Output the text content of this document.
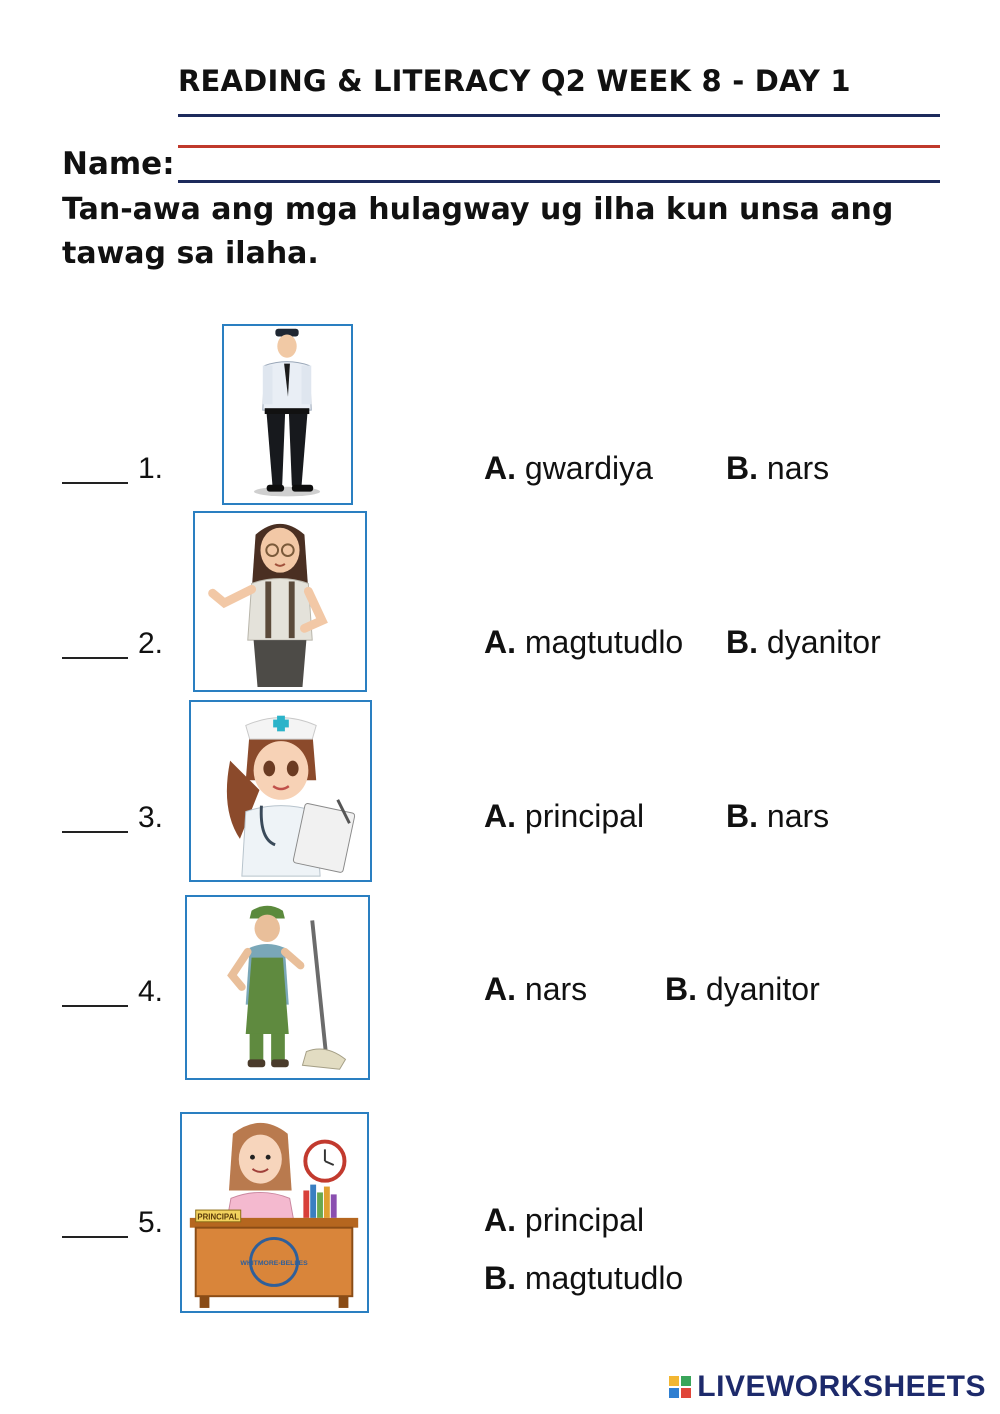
READING & LITERACY Q2 WEEK 8 - DAY 1
Name:
Tan-awa ang mga hulagway ug ilha kun unsa ang tawag sa ilaha.
1.	A. gwardiya B. nars
2.	A. magtutudlo B. dyanitor
3.	A. principal	B. nars
4.	A. nars B. dyanitor
5.	PRINCIPAL
WHITMORE-BELLES
A. principal
B. magtutudlo
LIVEWORKSHEETS
